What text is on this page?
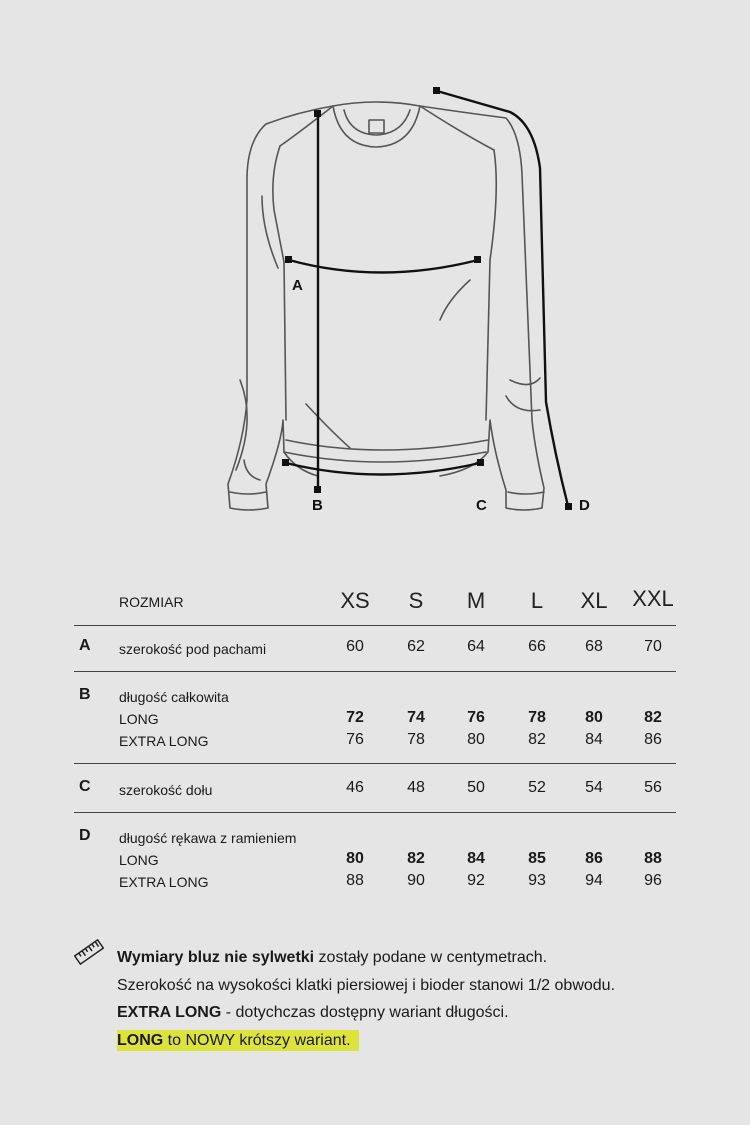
A
B	C	D
ROZMIAR	XS	S	M	L	XL	XXL
A szerokość pod pachami	60	62	64	66	68	70
B długość całkowita
LONG	72	74	76	78	80	82
EXTRA LONG	76	78	80	82	84	86
C szerokość dołu	46	48	50	52	54	56
D długość rękawa z ramieniem
LONG	80	82	84	85	86	88
EXTRA LONG	88	90	92	93	94	96

Wymiary bluz nie sylwetki zostały podane w centymetrach.

Szerokość na wysokości klatki piersiowej i bioder stanowi 1/2 obwodu.

EXTRA LONG - dotychczas dostępny wariant długości.

LONG to NOWY krótszy wariant.
